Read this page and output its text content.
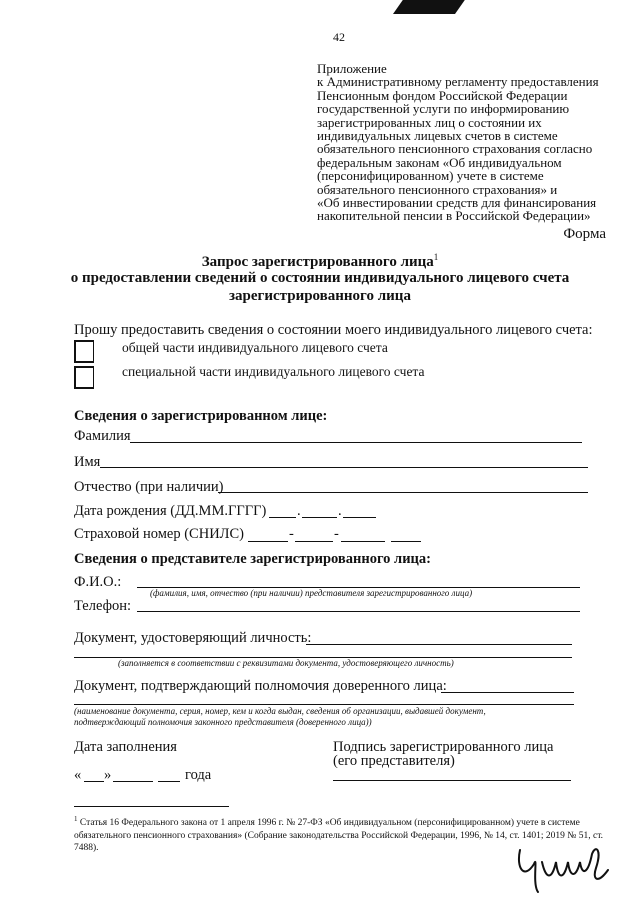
42
Приложение
к Административному регламенту предоставления
Пенсионным фондом Российской Федерации
государственной услуги по информированию
зарегистрированных лиц о состоянии их
индивидуальных лицевых счетов в системе
обязательного пенсионного страхования согласно
федеральным законам «Об индивидуальном
(персонифицированном) учете в системе
обязательного пенсионного страхования» и
«Об инвестировании средств для финансирования
накопительной пенсии в Российской Федерации»
Форма
Запрос зарегистрированного лица$^1$
о предоставлении сведений о состоянии индивидуального лицевого счета
зарегистрированного лица
Прошу предоставить сведения о состоянии моего индивидуального лицевого счета:
общей части индивидуального лицевого счета
специальной части индивидуального лицевого счета
Сведения о зарегистрированном лице:
Фамилия
Имя
Отчество (при наличии)
Дата рождения (ДД.ММ.ГГГГ) .	.
Страховой номер (СНИЛС)	-	-
Сведения о представителе зарегистрированного лица:
Ф.И.О.:
(фамилия, имя, отчество (при наличии) представителя зарегистрированного лица)
Телефон:
Документ, удостоверяющий личность:
(заполняется в соответствии с реквизитами документа, удостоверяющего личность)
Документ, подтверждающий полномочия доверенного лица:
(наименование документа, серия, номер, кем и когда выдан, сведения об организации, выдавшей документ,
подтверждающий полномочия законного представителя (доверенного лица))
Дата заполнения
« »	года
Подпись зарегистрированного лица
(его представителя)
$^1$ Статья 16 Федерального закона от 1 апреля 1996 г. № 27-ФЗ «Об индивидуальном (персонифицированном) учете в системе обязательного пенсионного страхования» (Собрание законодательства Российской Федерации, 1996, № 14, ст. 1401; 2019 № 51, ст. 7488).
